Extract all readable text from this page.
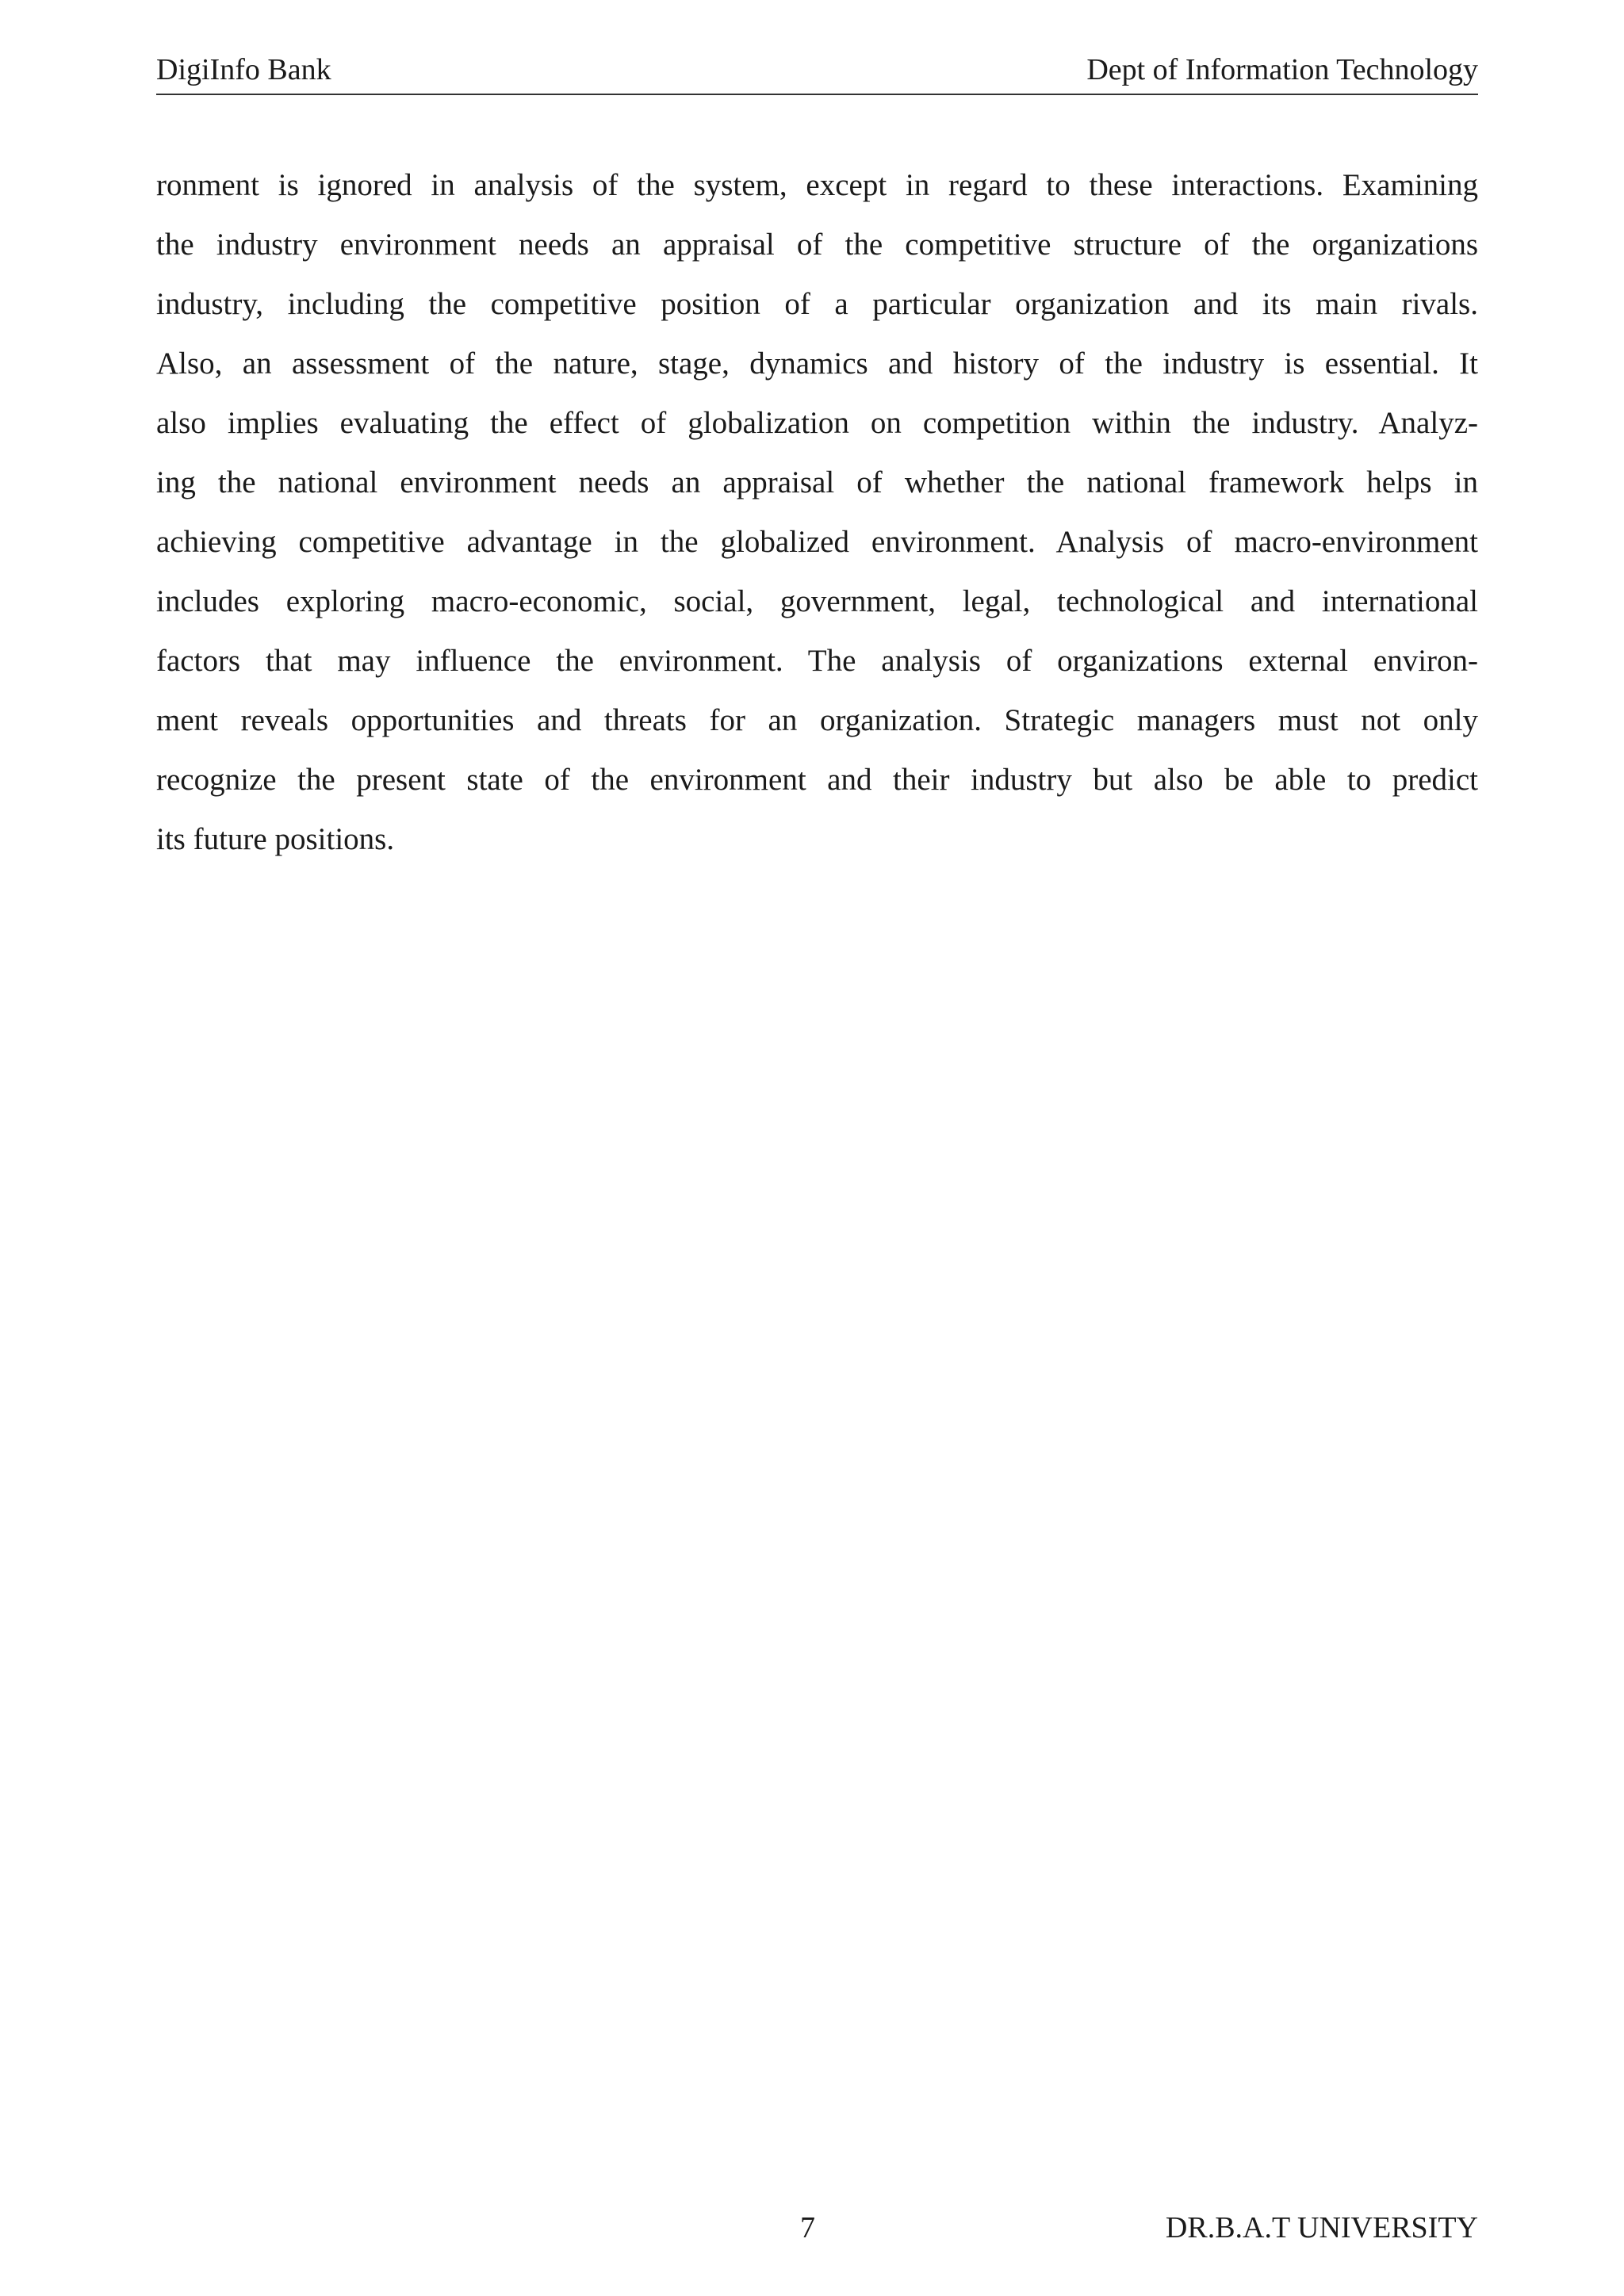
DigiInfo Bank	Dept of Information Technology
ronment is ignored in analysis of the system, except in regard to these interactions. Examining
the industry environment needs an appraisal of the competitive structure of the organizations
industry, including the competitive position of a particular organization and its main rivals.
Also, an assessment of the nature, stage, dynamics and history of the industry is essential. It
also implies evaluating the effect of globalization on competition within the industry. Analyz-
ing the national environment needs an appraisal of whether the national framework helps in
achieving competitive advantage in the globalized environment. Analysis of macro-environment
includes exploring macro-economic, social, government, legal, technological and international
factors that may influence the environment. The analysis of organizations external environ-
ment reveals opportunities and threats for an organization. Strategic managers must not only
recognize the present state of the environment and their industry but also be able to predict
its future positions.
7	DR.B.A.T UNIVERSITY
